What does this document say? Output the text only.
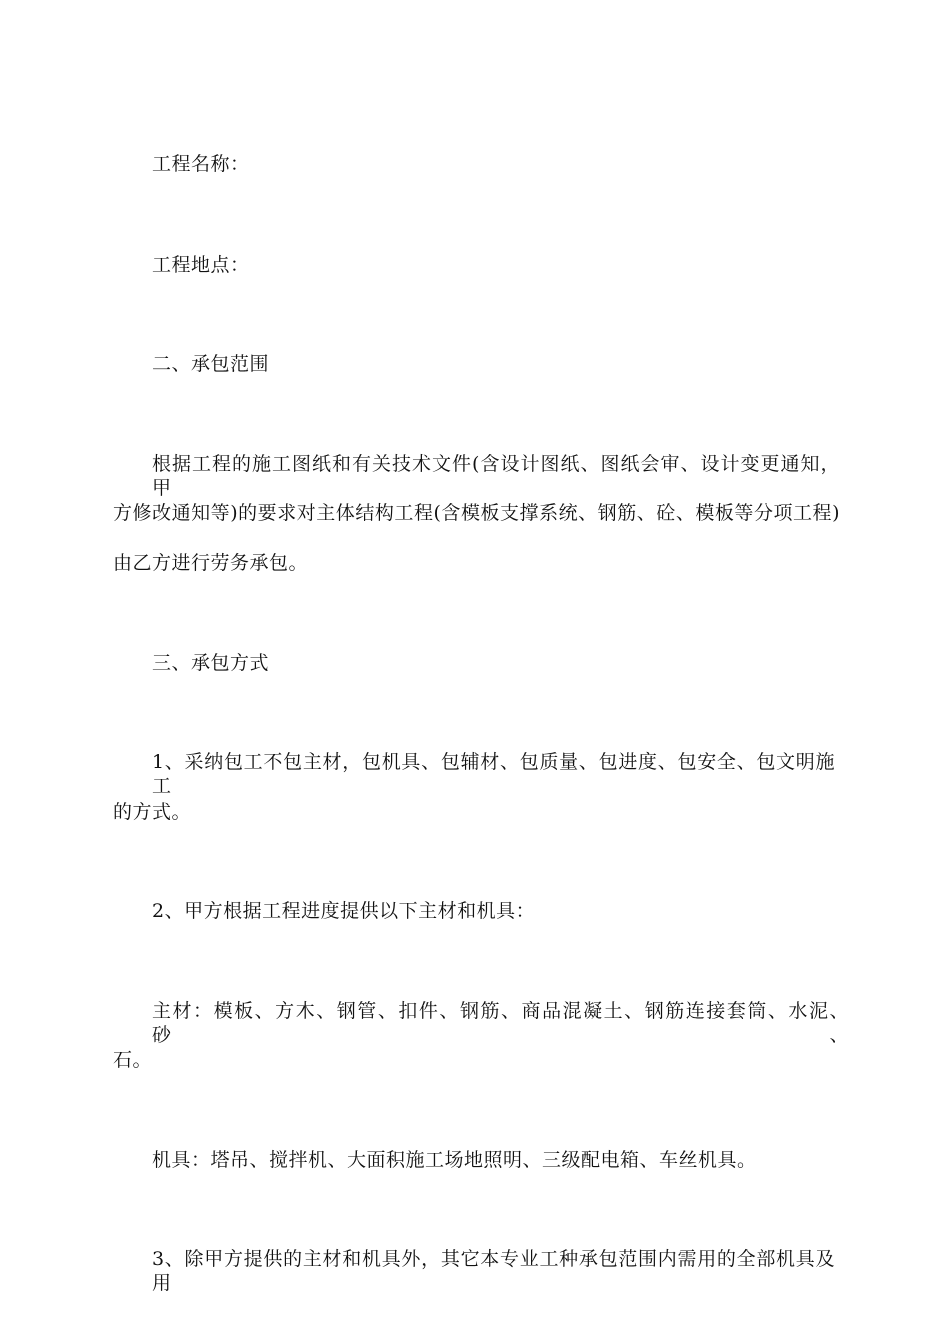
工程名称：
工程地点：
二、承包范围
根据工程的施工图纸和有关技术文件(含设计图纸、图纸会审、设计变更通知，甲
方修改通知等)的要求对主体结构工程(含模板支撑系统、钢筋、砼、模板等分项工程)
由乙方进行劳务承包。
三、承包方式
1、采纳包工不包主材，包机具、包辅材、包质量、包进度、包安全、包文明施工
的方式。
2、甲方根据工程进度提供以下主材和机具：
主材：模板、方木、钢管、扣件、钢筋、商品混凝土、钢筋连接套筒、水泥、砂、
石。
机具：塔吊、搅拌机、大面积施工场地照明、三级配电箱、车丝机具。
3、除甲方提供的主材和机具外，其它本专业工种承包范围内需用的全部机具及用
